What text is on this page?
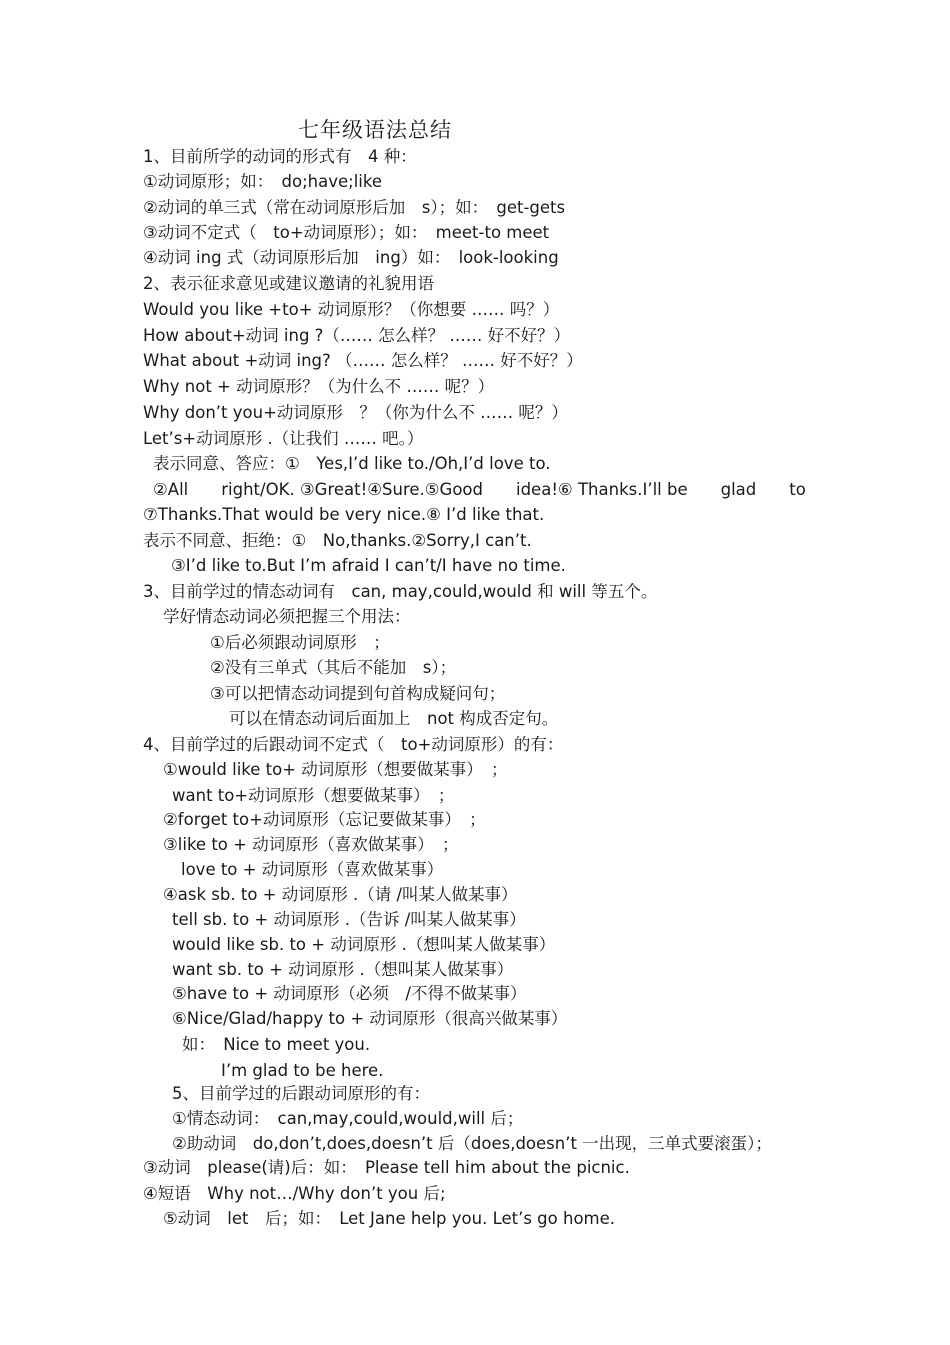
七年级语法总结
1、目前所学的动词的形式有　4 种：
①动词原形；如：　do;have;like
②动词的单三式（常在动词原形后加　s）；如：　get-gets
③动词不定式（　to+动词原形）；如：　meet-to meet
④动词 ing 式（动词原形后加　ing）如：　look-looking
2、表示征求意见或建议邀请的礼貌用语
Would you like +to+ 动词原形？（你想要 …… 吗？）
How about+动词 ing ?（…… 怎么样？ …… 好不好？）
What about +动词 ing? （…… 怎么样？ …… 好不好？）
Why not + 动词原形？（为什么不 …… 呢？）
Why don’t you+动词原形　？（你为什么不 …… 呢？）
Let’s+动词原形 .（让我们 …… 吧。）
表示同意、答应：①　Yes,I’d like to./Oh,I’d love to.
②All　　right/OK. ③Great!④Sure.⑤Good　　idea!⑥ Thanks.I’ll be　　glad　　to
⑦Thanks.That would be very nice.⑧ I’d like that.
表示不同意、拒绝：①　No,thanks.②Sorry,I can’t.
③I’d like to.But I’m afraid I can’t/I have no time.
3、目前学过的情态动词有　can, may,could,would 和 will 等五个。
学好情态动词必须把握三个用法：
①后必须跟动词原形　；
②没有三单式（其后不能加　s）；
③可以把情态动词提到句首构成疑问句；
可以在情态动词后面加上　not 构成否定句。
4、目前学过的后跟动词不定式（　to+动词原形）的有：
①would like to+ 动词原形（想要做某事）　；
want to+动词原形（想要做某事）　；
②forget to+动词原形（忘记要做某事）　；
③like to + 动词原形（喜欢做某事）　；
love to + 动词原形（喜欢做某事）
④ask sb. to + 动词原形 .（请 /叫某人做某事）
tell sb. to + 动词原形 .（告诉 /叫某人做某事）
would like sb. to + 动词原形 .（想叫某人做某事）
want sb. to + 动词原形 .（想叫某人做某事）
⑤have to + 动词原形（必须　/不得不做某事）
⑥Nice/Glad/happy to + 动词原形（很高兴做某事）
如：　Nice to meet you.
I’m glad to be here.
5、目前学过的后跟动词原形的有：
①情态动词：　can,may,could,would,will 后；
②助动词　do,don’t,does,doesn’t 后（does,doesn’t 一出现，三单式要滚蛋）；
③动词　please(请)后：如：　Please tell him about the picnic.
④短语　Why not…/Why don’t you 后;
⑤动词　let　后；如：　Let Jane help you. Let’s go home.
